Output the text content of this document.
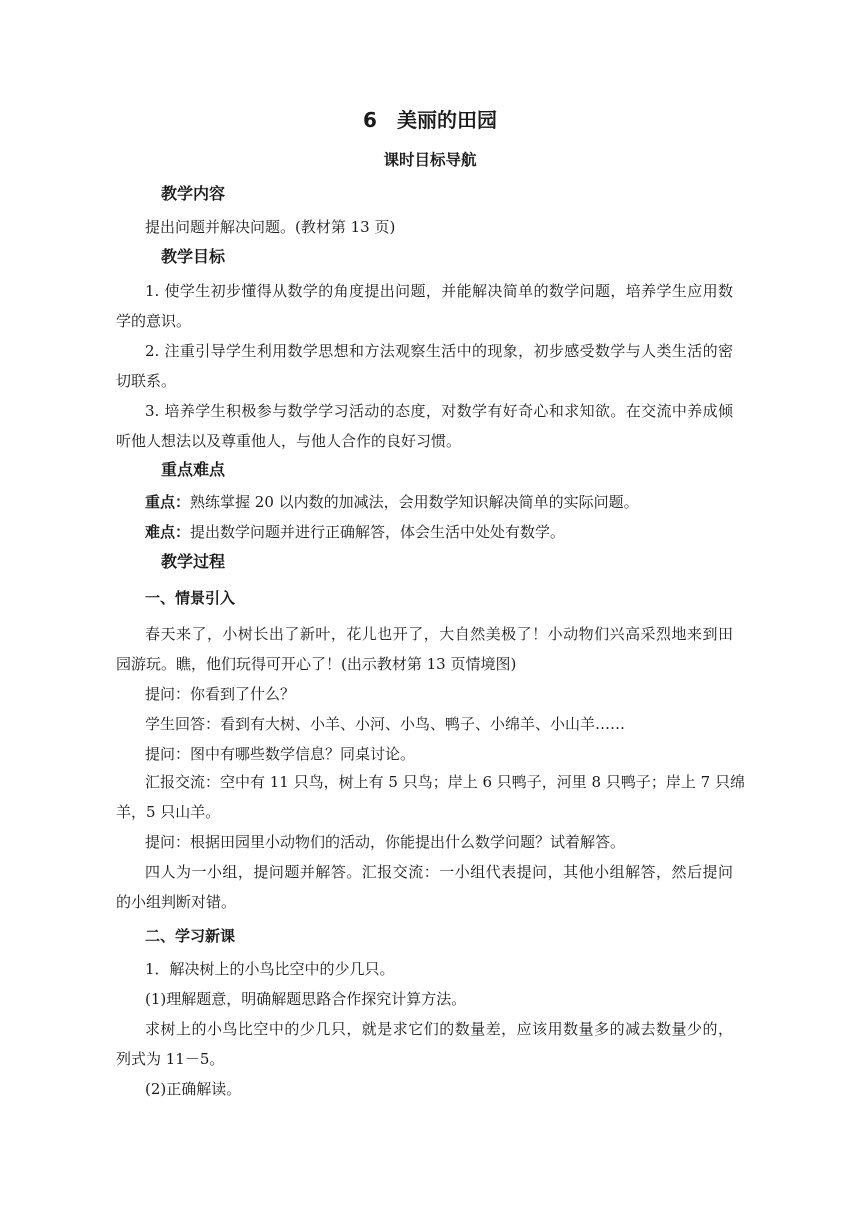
6　美丽的田园
课时目标导航
教学内容
提出问题并解决问题。(教材第 13 页)
教学目标
1. 使学生初步懂得从数学的角度提出问题，并能解决简单的数学问题，培养学生应用数
学的意识。
2. 注重引导学生利用数学思想和方法观察生活中的现象，初步感受数学与人类生活的密
切联系。
3. 培养学生积极参与数学学习活动的态度，对数学有好奇心和求知欲。在交流中养成倾
听他人想法以及尊重他人，与他人合作的良好习惯。
重点难点
重点：熟练掌握 20 以内数的加减法，会用数学知识解决简单的实际问题。
难点：提出数学问题并进行正确解答，体会生活中处处有数学。
教学过程
一、情景引入
春天来了，小树长出了新叶，花儿也开了，大自然美极了！小动物们兴高采烈地来到田
园游玩。瞧，他们玩得可开心了！(出示教材第 13 页情境图)
提问：你看到了什么？
学生回答：看到有大树、小羊、小河、小鸟、鸭子、小绵羊、小山羊……
提问：图中有哪些数学信息？同桌讨论。
汇报交流：空中有 11 只鸟，树上有 5 只鸟；岸上 6 只鸭子，河里 8 只鸭子；岸上 7 只绵
羊，5 只山羊。
提问：根据田园里小动物们的活动，你能提出什么数学问题？试着解答。
四人为一小组，提问题并解答。汇报交流：一小组代表提问，其他小组解答，然后提问
的小组判断对错。
二、学习新课
1．解决树上的小鸟比空中的少几只。
(1)理解题意，明确解题思路合作探究计算方法。
求树上的小鸟比空中的少几只，就是求它们的数量差，应该用数量多的减去数量少的，
列式为 11－5。
(2)正确解读。
